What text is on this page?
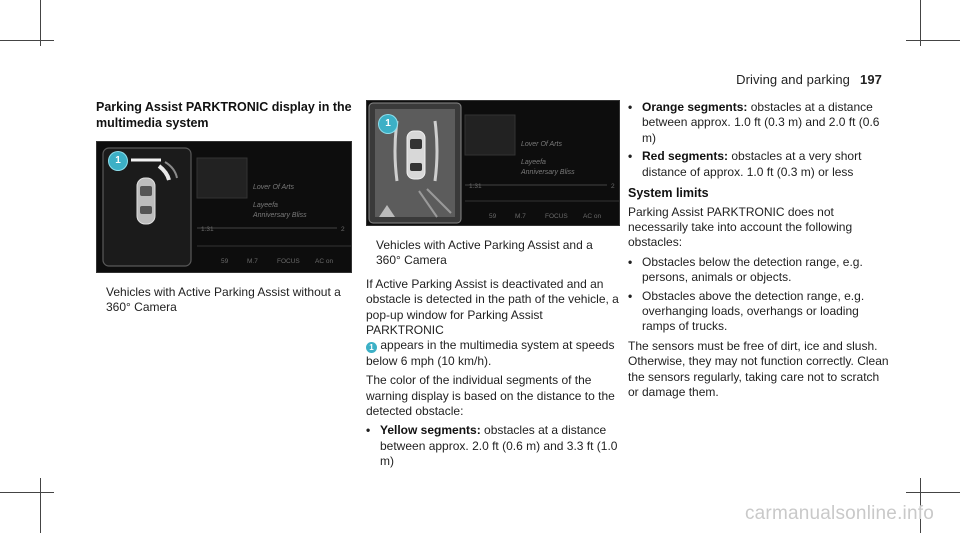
Driving and parking 197
Parking Assist PARKTRONIC display in the multimedia system
1
Lover Of Arts
Layeefa
Anniversary Bliss
1:31	2
59	M.7	FOCUS AC on
Vehicles with Active Parking Assist without a 360° Camera
1
Lover Of Arts
Layeefa
Anniversary Bliss
1:31	2
59	M.7	FOCUS AC on
Vehicles with Active Parking Assist and a 360° Camera

If Active Parking Assist is deactivated and an obstacle is detected in the path of the vehicle, a pop-up window for Parking Assist PARKTRONIC
1 appears in the multimedia system at speeds below 6 mph (10 km/h).

The color of the individual segments of the warning display is based on the distance to the detected obstacle:

• Yellow segments: obstacles at a distance between approx. 2.0 ft (0.6 m) and 3.3 ft (1.0 m)
• Orange segments: obstacles at a distance between approx. 1.0 ft (0.3 m) and 2.0 ft (0.6 m)
• Red segments: obstacles at a very short distance of approx. 1.0 ft (0.3 m) or less
System limits

Parking Assist PARKTRONIC does not necessarily take into account the following obstacles:

• Obstacles below the detection range, e.g. persons, animals or objects.
• Obstacles above the detection range, e.g. overhanging loads, overhangs or loading ramps of trucks.

The sensors must be free of dirt, ice and slush. Otherwise, they may not function correctly. Clean the sensors regularly, taking care not to scratch or damage them.

carmanualsonline.info
